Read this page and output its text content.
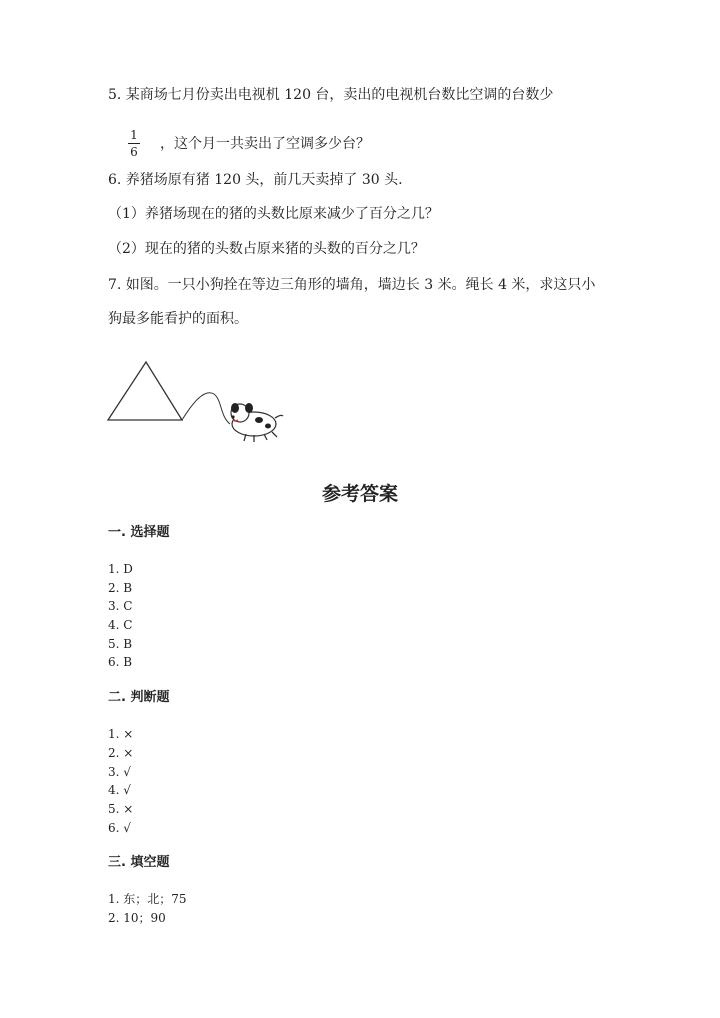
5. 某商场七月份卖出电视机 120 台，卖出的电视机台数比空调的台数少
1
6 ，这个月一共卖出了空调多少台？
6. 养猪场原有猪 120 头，前几天卖掉了 30 头.
（1）养猪场现在的猪的头数比原来减少了百分之几？
（2）现在的猪的头数占原来猪的头数的百分之几？
7. 如图。一只小狗拴在等边三角形的墙角，墙边长 3 米。绳长 4 米，求这只小
狗最多能看护的面积。
参考答案
一. 选择题
1. D
2. B
3. C
4. C
5. B
6. B
二. 判断题
1. ×
2. ×
3. √
4. √
5. ×
6. √
三. 填空题
1. 东；北；75
2. 10；90
